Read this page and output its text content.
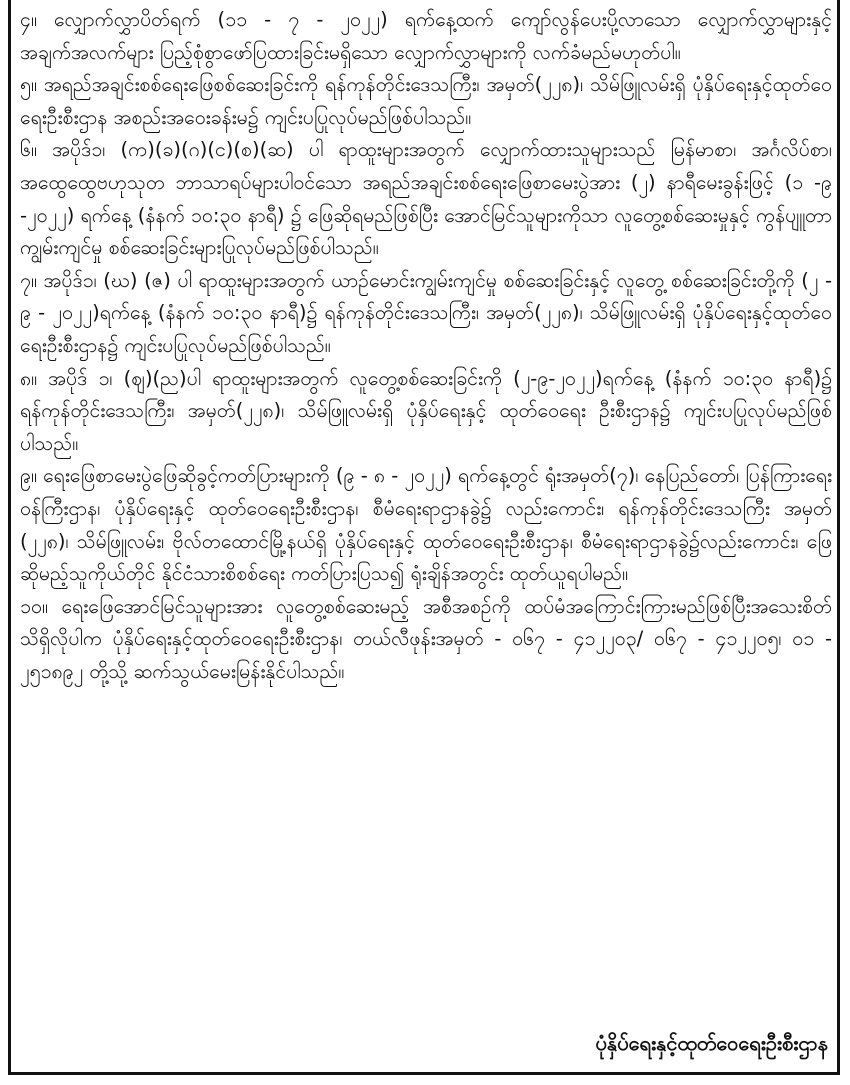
၄။ လျှောက်လွှာပိတ်ရက် (၁၁ - ၇ - ၂၀၂၂) ရက်နေ့ထက် ကျော်လွန်ပေးပို့လာသော လျှောက်လွှာများနှင့် အချက်အလက်များ ပြည့်စုံစွာဖော်ပြထားခြင်းမရှိသော လျှောက်လွှာများကို လက်ခံမည်မဟုတ်ပါ။

၅။ အရည်အချင်းစစ်ရေးဖြေစစ်ဆေးခြင်းကို ရန်ကုန်တိုင်းဒေသကြီး၊ အမှတ်(၂၂၈)၊ သိမ်ဖြူလမ်းရှိ ပုံနှိပ်ရေးနှင့်ထုတ်ဝေရေးဦးစီးဌာန အစည်းအဝေးခန်းမ၌ ကျင်းပပြုလုပ်မည်ဖြစ်ပါသည်။

၆။ အပိုဒ်၁၊ (က)(ခ)(ဂ)(င)(စ)(ဆ) ပါ ရာထူးများအတွက် လျှောက်ထားသူများသည် မြန်မာစာ၊ အင်္ဂလိပ်စာ၊ အထွေထွေဗဟုသုတ ဘာသာရပ်များပါဝင်သော အရည်အချင်းစစ်ရေးဖြေစာမေးပွဲအား (၂) နာရီမေးခွန်းဖြင့် (၁ -၉ -၂၀၂၂) ရက်နေ့ (နံနက် ၁၀:၃၀ နာရီ) ၌ ဖြေဆိုရမည်ဖြစ်ပြီး အောင်မြင်သူများကိုသာ လူတွေ့စစ်ဆေးမှုနှင့် ကွန်ပျူတာကျွမ်းကျင်မှု စစ်ဆေးခြင်းများပြုလုပ်မည်ဖြစ်ပါသည်။

၇။ အပိုဒ်၁၊ (ဃ) (ဇ) ပါ ရာထူးများအတွက် ယာဉ်မောင်းကျွမ်းကျင်မှု စစ်ဆေးခြင်းနှင့် လူတွေ့ စစ်ဆေးခြင်းတို့ကို (၂ - ၉ - ၂၀၂၂)ရက်နေ့ (နံနက် ၁၀:၃၀ နာရီ)၌ ရန်ကုန်တိုင်းဒေသကြီး၊ အမှတ်(၂၂၈)၊ သိမ်ဖြူလမ်းရှိ ပုံနှိပ်ရေးနှင့်ထုတ်ဝေရေးဦးစီးဌာန၌ ကျင်းပပြုလုပ်မည်ဖြစ်ပါသည်။

၈။ အပိုဒ် ၁၊ (ဈ)(ည)ပါ ရာထူးများအတွက် လူတွေ့စစ်ဆေးခြင်းကို (၂-၉-၂၀၂၂)ရက်နေ့ (နံနက် ၁၀:၃၀ နာရီ)၌ ရန်ကုန်တိုင်းဒေသကြီး၊ အမှတ်(၂၂၈)၊ သိမ်ဖြူလမ်းရှိ ပုံနှိပ်ရေးနှင့် ထုတ်ဝေရေး ဦးစီးဌာန၌ ကျင်းပပြုလုပ်မည်ဖြစ်ပါသည်။

၉။ ရေးဖြေစာမေးပွဲဖြေဆိုခွင့်ကတ်ပြားများကို (၉ - ၈ - ၂၀၂၂) ရက်နေ့တွင် ရုံးအမှတ်(၇)၊ နေပြည်တော်၊ ပြန်ကြားရေးဝန်ကြီးဌာန၊ ပုံနှိပ်ရေးနှင့် ထုတ်ဝေရေးဦးစီးဌာန၊ စီမံရေးရာဌာနခွဲ၌ လည်းကောင်း၊ ရန်ကုန်တိုင်းဒေသကြီး အမှတ် (၂၂၈)၊ သိမ်ဖြူလမ်း၊ ဗိုလ်တထောင်မြို့နယ်ရှိ ပုံနှိပ်ရေးနှင့် ထုတ်ဝေရေးဦးစီးဌာန၊ စီမံရေးရာဌာနခွဲ၌လည်းကောင်း၊ ဖြေဆိုမည့်သူကိုယ်တိုင် နိုင်ငံသားစိစစ်ရေး ကတ်ပြားပြသ၍ ရုံးချိန်အတွင်း ထုတ်ယူရပါမည်။

၁၀။ ရေးဖြေအောင်မြင်သူများအား လူတွေ့စစ်ဆေးမည့် အစီအစဉ်ကို ထပ်မံအကြောင်းကြားမည်ဖြစ်ပြီးအသေးစိတ်သိရှိလိုပါက ပုံနှိပ်ရေးနှင့်ထုတ်ဝေရေးဦးစီးဌာန၊ တယ်လီဖုန်းအမှတ် - ၀၆၇ - ၄၁၂၂၀၃/ ၀၆၇ - ၄၁၂၂၀၅၊ ၀၁ - ၂၅၁၈၉၂ တို့သို့ ဆက်သွယ်မေးမြန်းနိုင်ပါသည်။

ပုံနှိပ်ရေးနှင့်ထုတ်ဝေရေးဦးစီးဌာန
